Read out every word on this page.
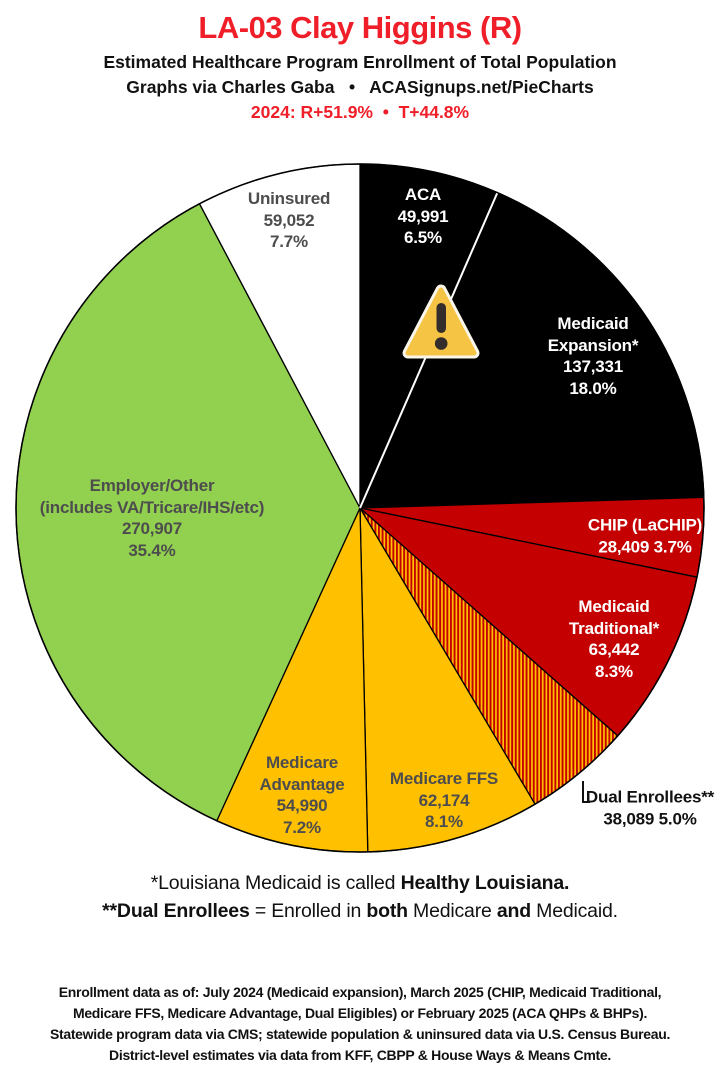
LA-03 Clay Higgins (R)
Estimated Healthcare Program Enrollment of Total Population
Graphs via Charles Gaba   •   ACASignups.net/PieCharts
2024: R+51.9%  •  T+44.8%
ACA
49,991
6.5%
Medicaid
Expansion*
137,331
18.0%
CHIP (LaCHIP)
28,409 3.7%
Medicaid
Traditional*
63,442
8.3%
Dual Enrollees**
38,089 5.0%
Medicare FFS
62,174
8.1%
Medicare
Advantage
54,990
7.2%
Employer/Other
(includes VA/Tricare/IHS/etc)
270,907
35.4%
Uninsured
59,052
7.7%
*Louisiana Medicaid is called Healthy Louisiana.
**Dual Enrollees = Enrolled in both Medicare and Medicaid.
Enrollment data as of: July 2024 (Medicaid expansion), March 2025 (CHIP, Medicaid Traditional,
Medicare FFS, Medicare Advantage, Dual Eligibles) or February 2025 (ACA QHPs & BHPs).
Statewide program data via CMS; statewide population & uninsured data via U.S. Census Bureau.
District-level estimates via data from KFF, CBPP & House Ways & Means Cmte.
